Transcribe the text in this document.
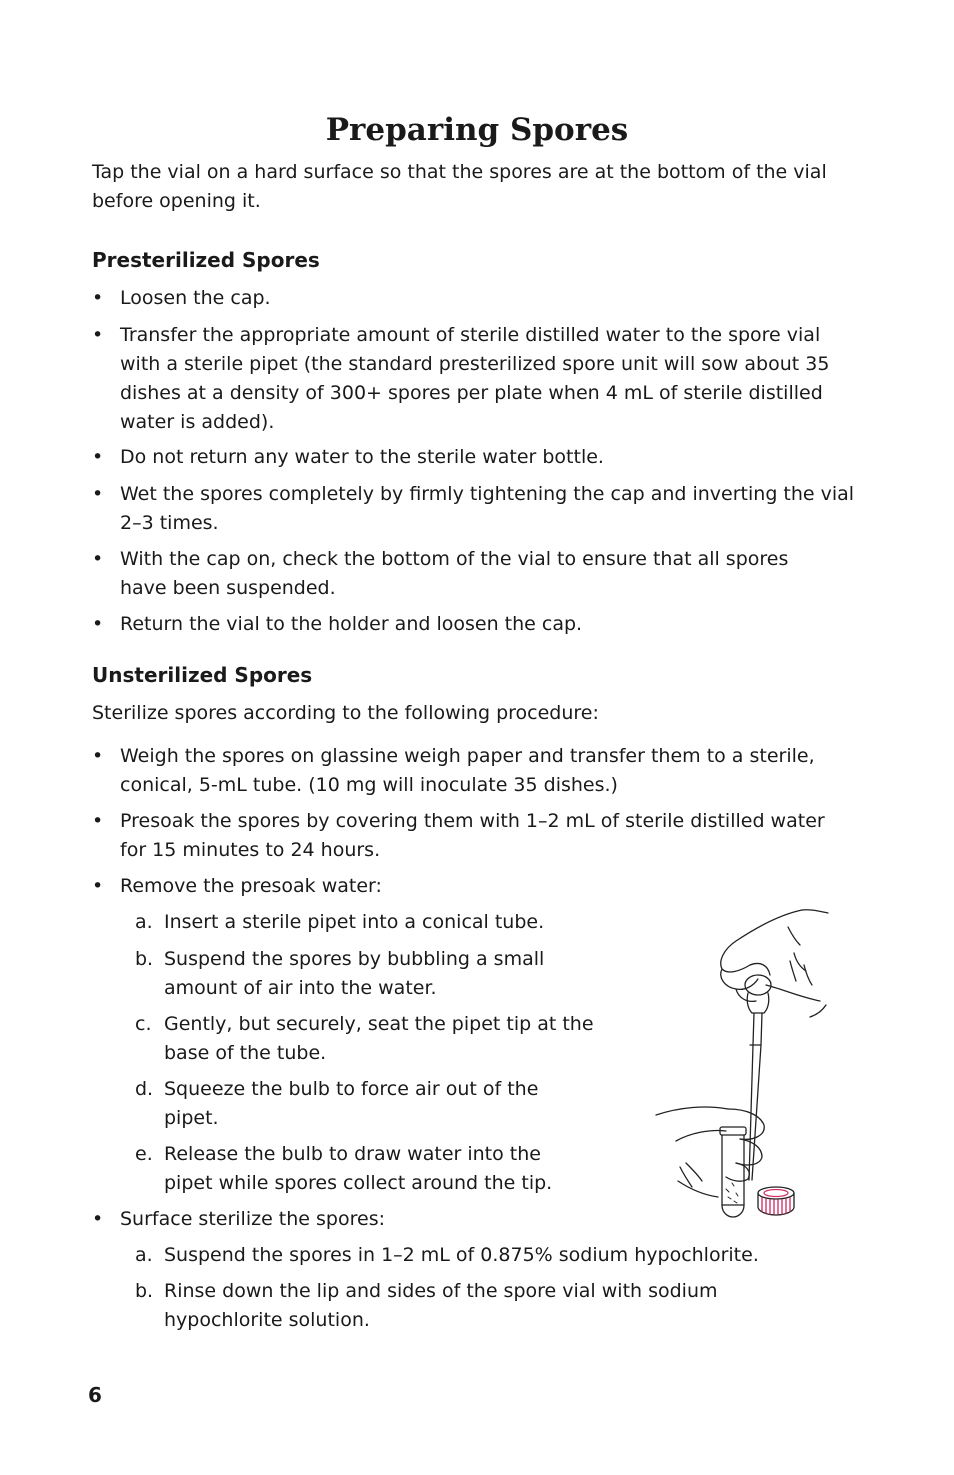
Preparing Spores

Tap the vial on a hard surface so that the spores are at the bottom of the vial before opening it.

Presterilized Spores
• Loosen the cap.

• Transfer the appropriate amount of sterile distilled water to the spore vial with a sterile pipet (the standard presterilized spore unit will sow about 35 dishes at a density of 300+ spores per plate when 4 mL of sterile distilled water is added).

• Do not return any water to the sterile water bottle.

• Wet the spores completely by firmly tightening the cap and inverting the vial 2–3 times.

• With the cap on, check the bottom of the vial to ensure that all spores have been suspended.

• Return the vial to the holder and loosen the cap.

Unsterilized Spores

Sterilize spores according to the following procedure:

• Weigh the spores on glassine weigh paper and transfer them to a sterile, conical, 5-mL tube. (10 mg will inoculate 35 dishes.)

• Presoak the spores by covering them with 1–2 mL of sterile distilled water for 15 minutes to 24 hours.

• Remove the presoak water:

a. Insert a sterile pipet into a conical tube.

b. Suspend the spores by bubbling a small amount of air into the water.

c. Gently, but securely, seat the pipet tip at the base of the tube.

d. Squeeze the bulb to force air out of the pipet.

e. Release the bulb to draw water into the pipet while spores collect around the tip.

• Surface sterilize the spores:

a. Suspend the spores in 1–2 mL of 0.875% sodium hypochlorite.

b. Rinse down the lip and sides of the spore vial with sodium hypochlorite solution.

6
